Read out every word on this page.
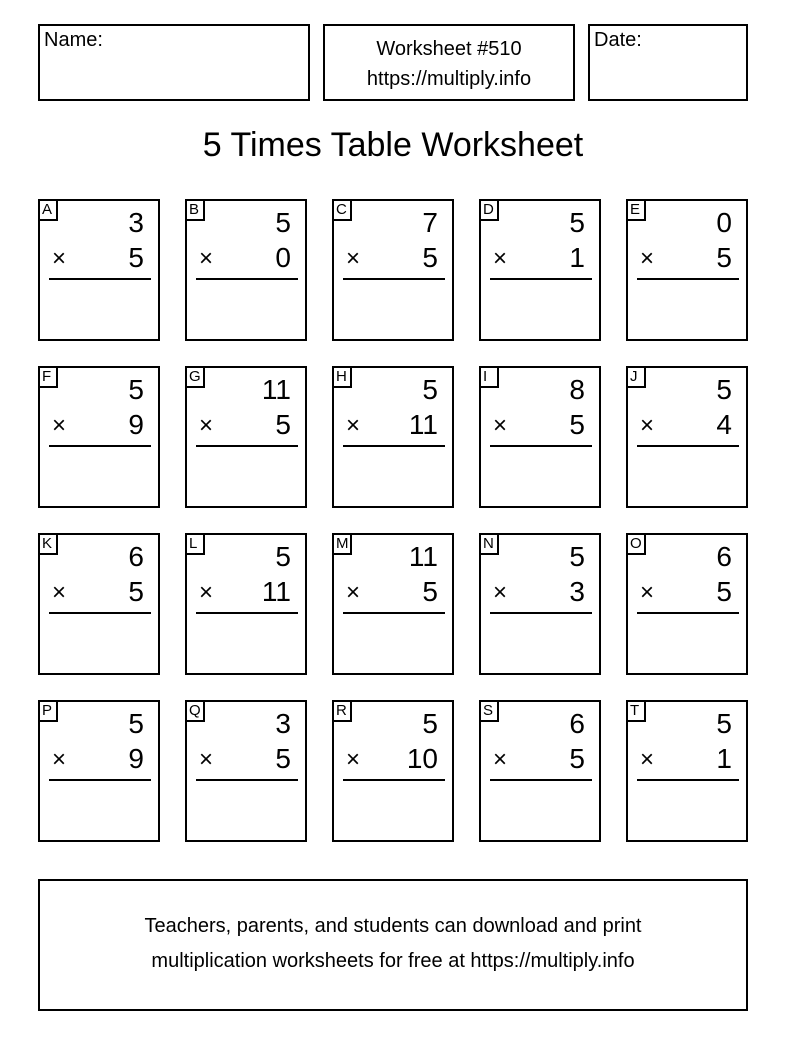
Name:	Worksheet #510
https://multiply.info
Date:
5 Times Table Worksheet
A	3
× 5
B	5
× 0
C	7
× 5
D	5
× 1
E	0
× 5
F	5
× 9
G 11
× 5
H	5
× 11
I	8
× 5
J	5
× 4
K	6
× 5
L	5
× 11
M 11
× 5
N	5
× 3
O	6
× 5
P	5
× 9
Q	3
× 5
R	5
× 10
S	6
× 5
T	5
× 1
Teachers, parents, and students can download and print
multiplication worksheets for free at https://multiply.info
